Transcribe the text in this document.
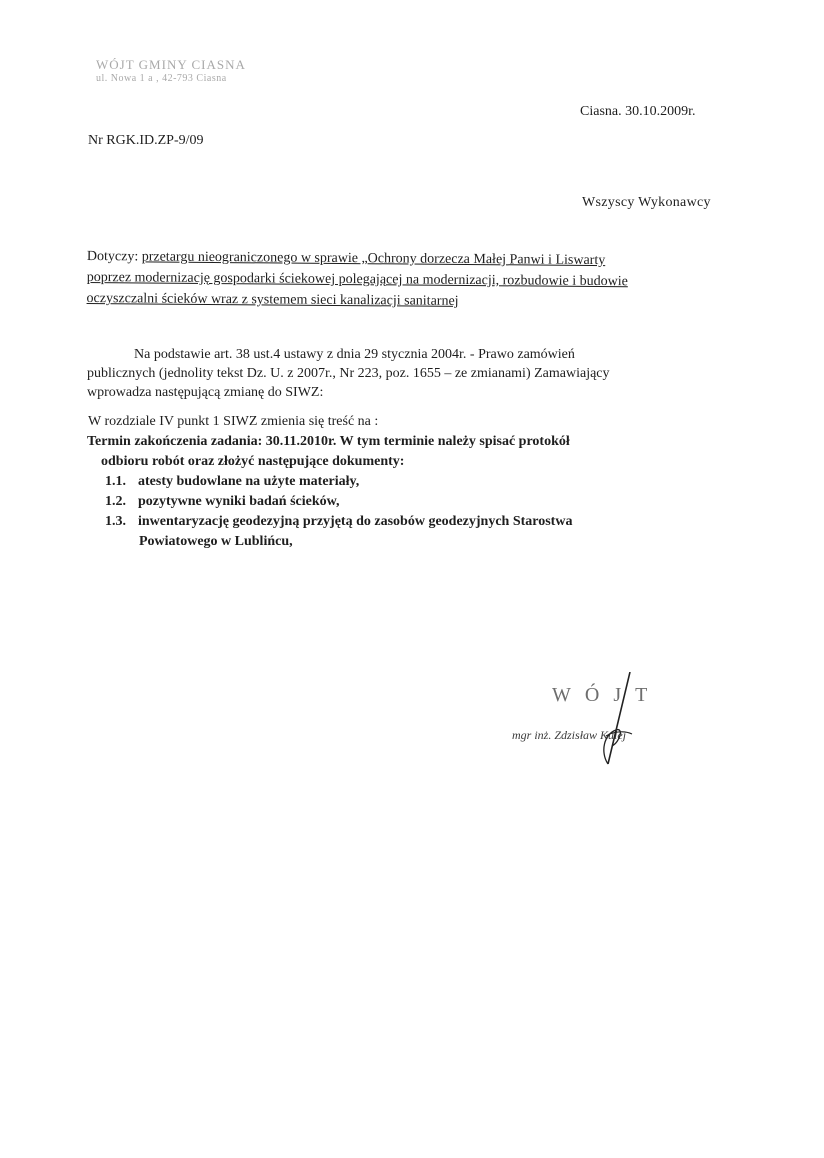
WÓJT GMINY CIASNA
ul. Nowa 1 a , 42-793 Ciasna
Ciasna. 30.10.2009r.
Nr RGK.ID.ZP-9/09
Wszyscy Wykonawcy
Dotyczy: przetargu nieograniczonego w sprawie „Ochrony dorzecza Małej Panwi i Liswarty
poprzez modernizację gospodarki ściekowej polegającej na modernizacji, rozbudowie i budowie
oczyszczalni ścieków wraz z systemem sieci kanalizacji sanitarnej
Na podstawie art. 38 ust.4 ustawy z dnia 29 stycznia 2004r. - Prawo zamówień
publicznych (jednolity tekst Dz. U. z 2007r., Nr 223, poz. 1655 – ze zmianami) Zamawiający
wprowadza następującą zmianę do SIWZ:
W rozdziale IV punkt 1 SIWZ zmienia się treść na :
Termin zakończenia zadania: 30.11.2010r. W tym terminie należy spisać protokół
odbioru robót oraz złożyć następujące dokumenty:
1.1. atesty budowlane na użyte materiały,
1.2. pozytywne wyniki badań ścieków,
1.3. inwentaryzację geodezyjną przyjętą do zasobów geodezyjnych Starostwa
Powiatowego w Lublińcu,
WÓJT
mgr inż. Zdzisław Kulej
